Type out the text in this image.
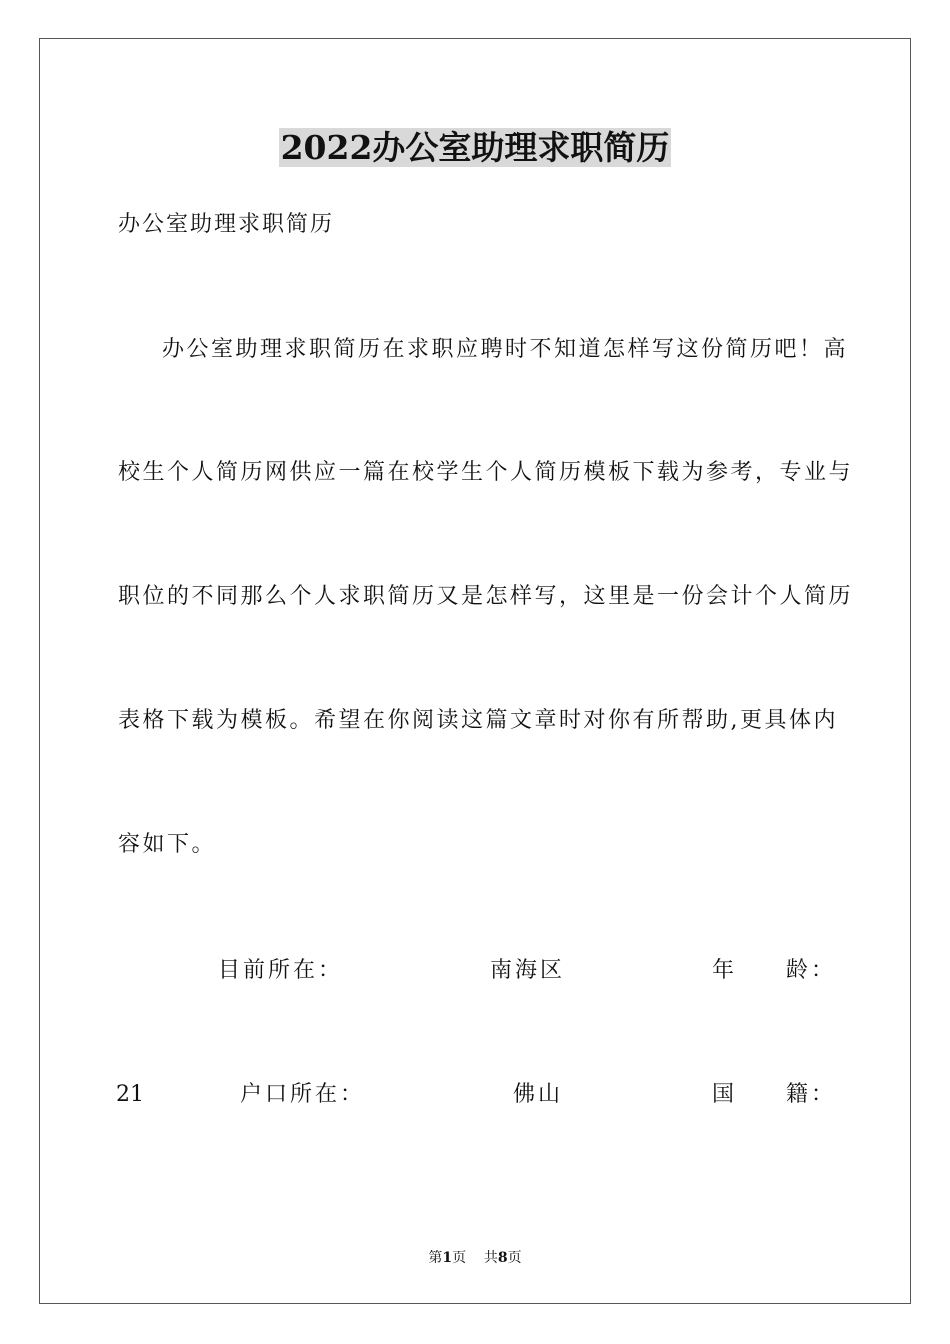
2022办公室助理求职简历
办公室助理求职简历
办公室助理求职简历在求职应聘时不知道怎样写这份简历吧！高
校生个人简历网供应一篇在校学生个人简历模板下载为参考，专业与
职位的不同那么个人求职简历又是怎样写，这里是一份会计个人简历
表格下载为模板。希望在你阅读这篇文章时对你有所帮助,更具体内
容如下。
目前所在：	南海区	年 龄：
21	户口所在：	佛山	国 籍：
第1页 共8页
